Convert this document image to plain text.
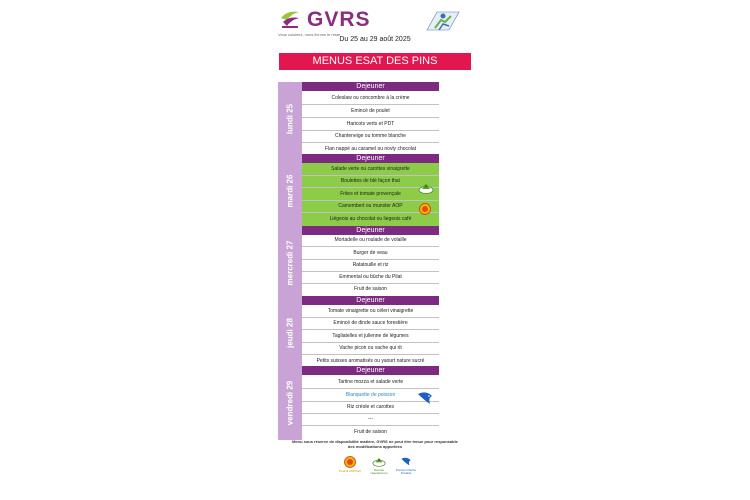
GVRS
Vous cuisinez, nous livrons le reste
Du 25 au 29 août 2025
MENUS ESAT DES PINS
lundi 25
Dejeuner
Coleslaw ou concombre à la crème
Emincé de poulet
Haricots verts et PDT
Chanteneige ou tomme blanche
Flan nappé au caramel ou novly chocolat
mardi 26
Dejeuner
Salade verte ou carottes vinaigrette
Boulettes de blé façon thaï
Frites et tomate provençale
Camembert ou munster AOP
Liégeois au chocolat ou liegeois café
mercredi 27
Dejeuner
Mortadelle ou roulade de volaille
Burger de veau
Ratatouille et riz
Emmental ou bûche du Pilat
Fruit de saison
jeudi 28
Dejeuner
Tomate vinaigrette ou céleri vinaigrette
Emincé de dinde sauce forestière
Tagliatelles et julienne de légumes
Vache picon ou vache qui rit
Petits suisses aromatisés ou yaourt nature sucré
vendredi 29
Dejeuner
Tartine mozza et salade verte
Blanquette de poisson
Riz créole et carottes
---
Fruit de saison
Menu sous réserve de disponibilité matière, GVRS ne peut être tenue pour responsable
des modifications apportées
Produit AOP/IGP	Recette végétarienne
Poisson Pêche Durable
